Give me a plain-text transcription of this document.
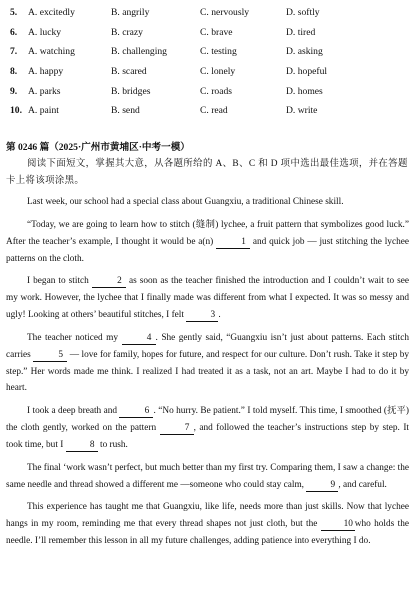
5. A. excitedly	B. angrily	C. nervously	D. softly
6. A. lucky	B. crazy	C. brave	D. tired
7. A. watching	B. challenging	C. testing	D. asking
8. A. happy	B. scared	C. lonely	D. hopeful
9. A. parks	B. bridges	C. roads	D. homes
10. A. paint	B. send	C. read	D. write
第 0246 篇（2025·广州市黄埔区·中考一模）
阅读下面短文，掌握其大意，从各题所给的 A、B、C 和 D 项中选出最佳选项，并在答题卡上将该项涂黑。

Last week, our school had a special class about Guangxiu, a traditional Chinese skill.

“Today, we are going to learn how to stitch (缝制) lychee, a fruit pattern that symbolizes good luck.” After the teacher’s example, I thought it would be a(n)	1 and quick job — just stitching the lychee patterns on the cloth.

I began to stitch	2 as soon as the teacher finished the introduction and I couldn’t wait to see my work. However, the lychee that I finally made was different from what I expected. It was so messy and ugly! Looking at others’ beautiful stitches, I felt	3 .

The teacher noticed my	4 . She gently said, “Guangxiu isn’t just about patterns. Each stitch carries	5 — love for family, hopes for future, and respect for our culture. Don’t rush. Take it step by step.” Her words made me think. I realized I had treated it as a task, not an art. Maybe I had to do it by heart.

I took a deep breath and	6 . “No hurry. Be patient.” I told myself. This time, I smoothed (抚平) the cloth gently, worked on the pattern	7 , and followed the teacher’s instructions step by step. It took time, but I	8 to rush.

The final ‘work wasn’t perfect, but much better than my first try. Comparing them, I saw a change: the same needle and thread showed a different me —someone who could stay calm,	9 , and careful.

This experience has taught me that Guangxiu, like life, needs more than just skills. Now that lychee hangs in my room, reminding me that every thread shapes not just cloth, but the	10 who holds the needle. I’ll remember this lesson in all my future challenges, adding patience into everything I do.
